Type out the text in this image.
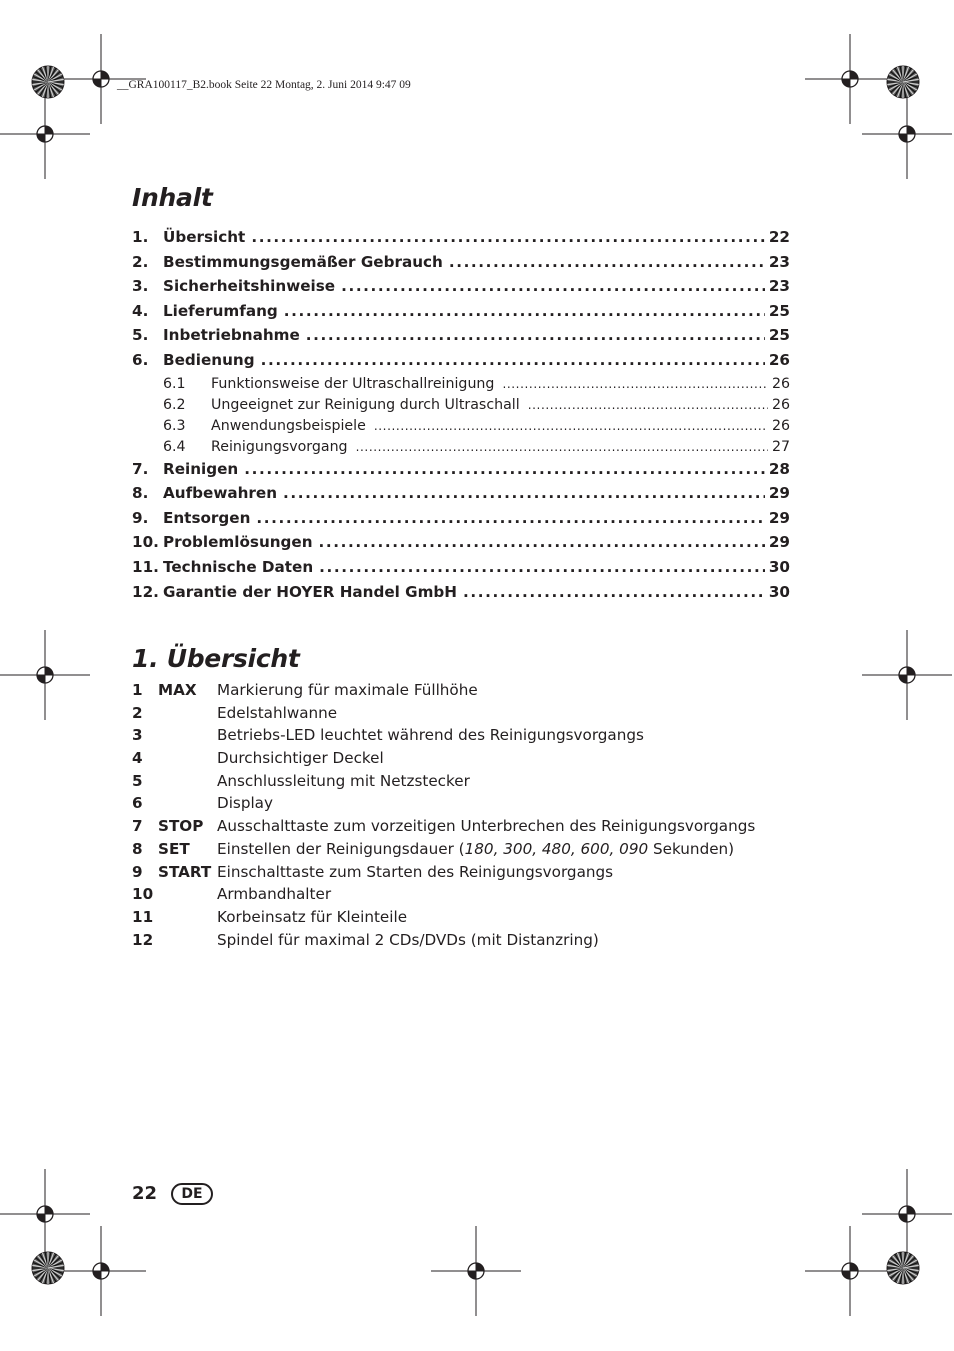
__GRA100117_B2.book Seite 22 Montag, 2. Juni 2014 9:47 09
Inhalt
1. Übersicht .....	22
2. Bestimmungsgemäßer Gebrauch .....	23
3. Sicherheitshinweise .....	23
4. Lieferumfang .....	25
5. Inbetriebnahme .....	25
6. Bedienung .....	26
6.1	Funktionsweise der Ultraschallreinigung .....	26
6.2	Ungeeignet zur Reinigung durch Ultraschall .....	26
6.3	Anwendungsbeispiele .....	26
6.4	Reinigungsvorgang .....	27
7. Reinigen .....	28
8. Aufbewahren .....	29
9. Entsorgen .....	29
10. Problemlösungen .....	29
11. Technische Daten .....	30
12. Garantie der HOYER Handel GmbH .....	30
1. Übersicht
1	MAX	Markierung für maximale Füllhöhe
2	Edelstahlwanne
3	Betriebs-LED leuchtet während des Reinigungsvorgangs
4	Durchsichtiger Deckel
5	Anschlussleitung mit Netzstecker
6	Display
7	STOP Ausschalttaste zum vorzeitigen Unterbrechen des Reinigungsvorgangs
8	SET	Einstellen der Reinigungsdauer (180, 300, 480, 600, 090 Sekunden)
9	START Einschalttaste zum Starten des Reinigungsvorgangs
10	Armbandhalter
11	Korbeinsatz für Kleinteile
12	Spindel für maximal 2 CDs/DVDs (mit Distanzring)
22	DE
